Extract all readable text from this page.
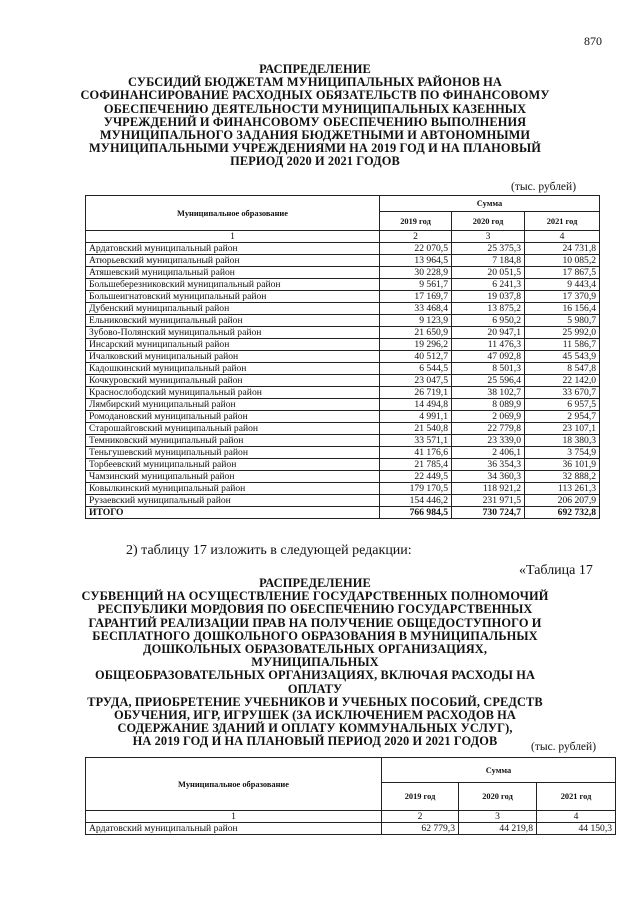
870
РАСПРЕДЕЛЕНИЕ
СУБСИДИЙ БЮДЖЕТАМ МУНИЦИПАЛЬНЫХ РАЙОНОВ НА
СОФИНАНСИРОВАНИЕ РАСХОДНЫХ ОБЯЗАТЕЛЬСТВ ПО ФИНАНСОВОМУ
ОБЕСПЕЧЕНИЮ ДЕЯТЕЛЬНОСТИ МУНИЦИПАЛЬНЫХ КАЗЕННЫХ
УЧРЕЖДЕНИЙ И ФИНАНСОВОМУ ОБЕСПЕЧЕНИЮ ВЫПОЛНЕНИЯ
МУНИЦИПАЛЬНОГО ЗАДАНИЯ БЮДЖЕТНЫМИ И АВТОНОМНЫМИ
МУНИЦИПАЛЬНЫМИ УЧРЕЖДЕНИЯМИ НА 2019 ГОД И НА ПЛАНОВЫЙ
ПЕРИОД 2020 И 2021 ГОДОВ
(тыс. рублей)
Муниципальное образование	Сумма		
	2019 год	2020 год	2021 год
1	2	3	4
Ардатовский муниципальный район	22 070,5	25 375,3	24 731,8
Атюрьевский муниципальный район	13 964,5	7 184,8	10 085,2
Атяшевский муниципальный район	30 228,9	20 051,5	17 867,5
Большеберезниковский муниципальный район	9 561,7	6 241,3	9 443,4
Большеигнатовский муниципальный район	17 169,7	19 037,8	17 370,9
Дубенский муниципальный район	33 468,4	13 875,2	16 156,4
Ельниковский муниципальный район	9 123,9	6 950,2	5 980,7
Зубово-Полянский муниципальный район	21 650,9	20 947,1	25 992,0
Инсарский муниципальный район	19 296,2	11 476,3	11 586,7
Ичалковский муниципальный район	40 512,7	47 092,8	45 543,9
Кадошкинский муниципальный район	6 544,5	8 501,3	8 547,8
Кочкуровский муниципальный район	23 047,5	25 596,4	22 142,0
Краснослободский муниципальный район	26 719,1	38 102,7	33 670,7
Лямбирский муниципальный район	14 494,8	8 089,9	6 957,5
Ромодановский муниципальный район	4 991,1	2 069,9	2 954,7
Старошайговский муниципальный район	21 540,8	22 779,8	23 107,1
Темниковский муниципальный район	33 571,1	23 339,0	18 380,3
Теньгушевский муниципальный район	41 176,6	2 406,1	3 754,9
Торбеевский муниципальный район	21 785,4	36 354,3	36 101,9
Чамзинский муниципальный район	22 449,5	34 360,3	32 888,2
Ковылкинский муниципальный район	179 170,5	118 921,2	113 261,3
Рузаевский муниципальный район	154 446,2	231 971,5	206 207,9
ИТОГО	766 984,5	730 724,7	692 732,8
2) таблицу 17 изложить в следующей редакции:
«Таблица 17
РАСПРЕДЕЛЕНИЕ
СУБВЕНЦИЙ НА ОСУЩЕСТВЛЕНИЕ ГОСУДАРСТВЕННЫХ ПОЛНОМОЧИЙ
РЕСПУБЛИКИ МОРДОВИЯ ПО ОБЕСПЕЧЕНИЮ ГОСУДАРСТВЕННЫХ
ГАРАНТИЙ РЕАЛИЗАЦИИ ПРАВ НА ПОЛУЧЕНИЕ ОБЩЕДОСТУПНОГО И
БЕСПЛАТНОГО ДОШКОЛЬНОГО ОБРАЗОВАНИЯ В МУНИЦИПАЛЬНЫХ
ДОШКОЛЬНЫХ ОБРАЗОВАТЕЛЬНЫХ ОРГАНИЗАЦИЯХ, МУНИЦИПАЛЬНЫХ
ОБЩЕОБРАЗОВАТЕЛЬНЫХ ОРГАНИЗАЦИЯХ, ВКЛЮЧАЯ РАСХОДЫ НА ОПЛАТУ
ТРУДА, ПРИОБРЕТЕНИЕ УЧЕБНИКОВ И УЧЕБНЫХ ПОСОБИЙ, СРЕДСТВ
ОБУЧЕНИЯ, ИГР, ИГРУШЕК (ЗА ИСКЛЮЧЕНИЕМ РАСХОДОВ НА
СОДЕРЖАНИЕ ЗДАНИЙ И ОПЛАТУ КОММУНАЛЬНЫХ УСЛУГ),
НА 2019 ГОД И НА ПЛАНОВЫЙ ПЕРИОД 2020 И 2021 ГОДОВ	(тыс. рублей)
Муниципальное образование	Сумма		
	2019 год	2020 год	2021 год
1	2	3	4
Ардатовский муниципальный район	62 779,3	44 219,8	44 150,3
